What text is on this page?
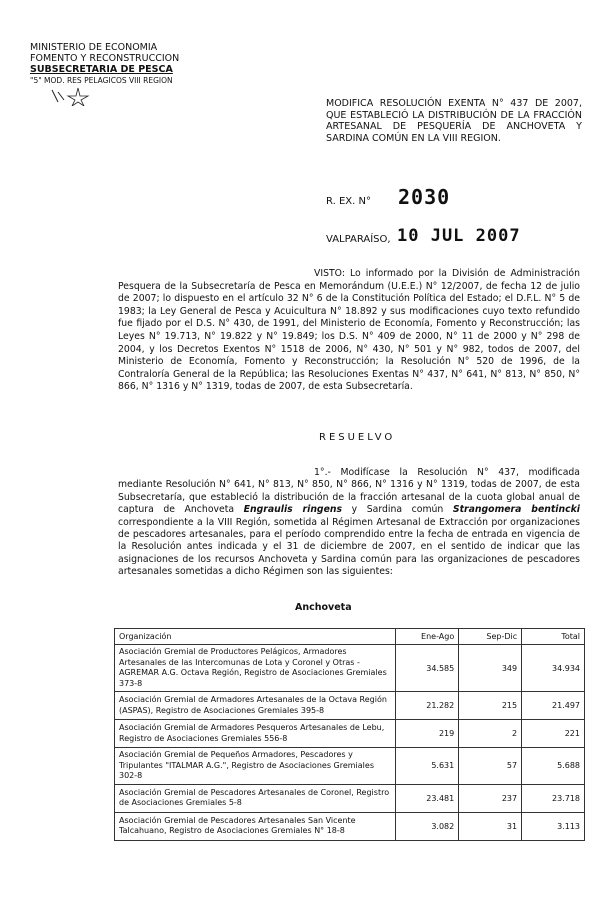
MINISTERIO DE ECONOMIA
FOMENTO Y RECONSTRUCCION
SUBSECRETARIA DE PESCA
"5" MOD. RES PELAGICOS VIII REGION
MODIFICA RESOLUCIÓN EXENTA N° 437 DE 2007, QUE ESTABLECIÓ LA DISTRIBUCIÓN DE LA FRACCIÓN ARTESANAL DE PESQUERÍA DE ANCHOVETA Y SARDINA COMÚN EN LA VIII REGION.
R. EX. N° 2030
VALPARAÍSO, 10 JUL 2007
VISTO: Lo informado por la División de Administración Pesquera de la Subsecretaría de Pesca en Memorándum (U.E.E.) N° 12/2007, de fecha 12 de julio de 2007; lo dispuesto en el artículo 32 N° 6 de la Constitución Política del Estado; el D.F.L. N° 5 de 1983; la Ley General de Pesca y Acuicultura N° 18.892 y sus modificaciones cuyo texto refundido fue fijado por el D.S. N° 430, de 1991, del Ministerio de Economía, Fomento y Reconstrucción; las Leyes N° 19.713, N° 19.822 y N° 19.849; los D.S. N° 409 de 2000, N° 11 de 2000 y N° 298 de 2004, y los Decretos Exentos N° 1518 de 2006, N° 430, N° 501 y N° 982, todos de 2007, del Ministerio de Economía, Fomento y Reconstrucción; la Resolución N° 520 de 1996, de la Contraloría General de la República; las Resoluciones Exentas N° 437, N° 641, N° 813, N° 850, N° 866, N° 1316 y N° 1319, todas de 2007, de esta Subsecretaría.
RESUELVO
1°.- Modifícase la Resolución N° 437, modificada mediante Resolución N° 641, N° 813, N° 850, N° 866, N° 1316 y N° 1319, todas de 2007, de esta Subsecretaría, que estableció la distribución de la fracción artesanal de la cuota global anual de captura de Anchoveta Engraulis ringens y Sardina común Strangomera bentincki correspondiente a la VIII Región, sometida al Régimen Artesanal de Extracción por organizaciones de pescadores artesanales, para el período comprendido entre la fecha de entrada en vigencia de la Resolución antes indicada y el 31 de diciembre de 2007, en el sentido de indicar que las asignaciones de los recursos Anchoveta y Sardina común para las organizaciones de pescadores artesanales sometidas a dicho Régimen son las siguientes:
Anchoveta
Organización	Ene-Ago	Sep-Dic	Total
Asociación Gremial de Productores Pelágicos, Armadores Artesanales de las Intercomunas de Lota y Coronel y Otras - AGREMAR A.G. Octava Región, Registro de Asociaciones Gremiales 373-8	34.585	349	34.934
Asociación Gremial de Armadores Artesanales de la Octava Región (ASPAS), Registro de Asociaciones Gremiales 395-8	21.282	215	21.497
Asociación Gremial de Armadores Pesqueros Artesanales de Lebu, Registro de Asociaciones Gremiales 556-8	219	2	221
Asociación Gremial de Pequeños Armadores, Pescadores y Tripulantes "ITALMAR A.G.", Registro de Asociaciones Gremiales 302-8	5.631	57	5.688
Asociación Gremial de Pescadores Artesanales de Coronel, Registro de Asociaciones Gremiales 5-8	23.481	237	23.718
Asociación Gremial de Pescadores Artesanales San Vicente Talcahuano, Registro de Asociaciones Gremiales N° 18-8	3.082	31	3.113
